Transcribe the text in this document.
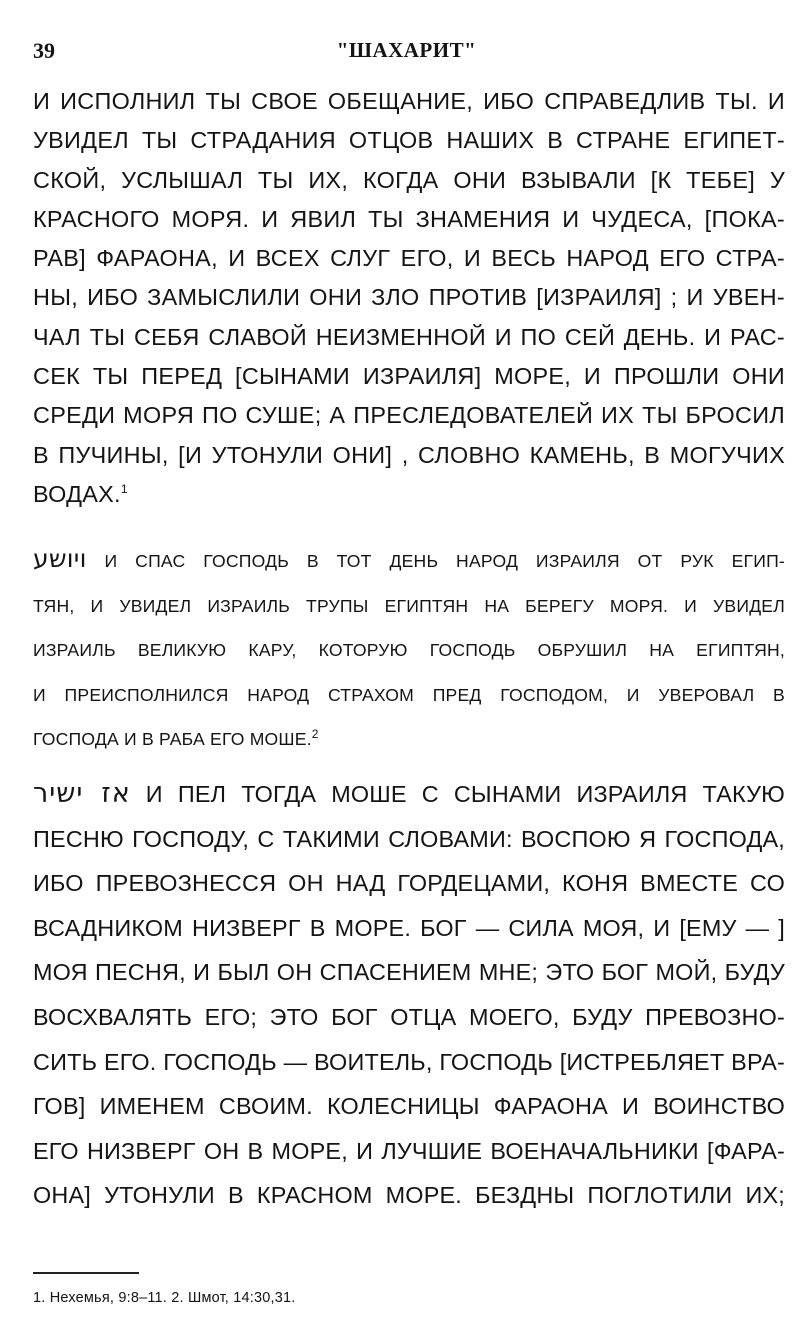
39	"ШАХАРИТ"
И ИСПОЛНИЛ ТЫ СВОЕ ОБЕЩАНИЕ, ИБО СПРАВЕДЛИВ ТЫ. И
УВИДЕЛ ТЫ СТРАДАНИЯ ОТЦОВ НАШИХ В СТРАНЕ ЕГИПЕТ-
СКОЙ, УСЛЫШАЛ ТЫ ИХ, КОГДА ОНИ ВЗЫВАЛИ [К ТЕБЕ] У
КРАСНОГО МОРЯ. И ЯВИЛ ТЫ ЗНАМЕНИЯ И ЧУДЕСА, [ПОКА-
РАВ] ФАРАОНА, И ВСЕХ СЛУГ ЕГО, И ВЕСЬ НАРОД ЕГО СТРА-
НЫ, ИБО ЗАМЫСЛИЛИ ОНИ ЗЛО ПРОТИВ [ИЗРАИЛЯ] ; И УВЕН-
ЧАЛ ТЫ СЕБЯ СЛАВОЙ НЕИЗМЕННОЙ И ПО СЕЙ ДЕНЬ. И РАС-
СЕК ТЫ ПЕРЕД [СЫНАМИ ИЗРАИЛЯ] МОРЕ, И ПРОШЛИ ОНИ
СРЕДИ МОРЯ ПО СУШЕ; А ПРЕСЛЕДОВАТЕЛЕЙ ИХ ТЫ БРОСИЛ
В ПУЧИНЫ, [И УТОНУЛИ ОНИ] , СЛОВНО КАМЕНЬ, В МОГУЧИХ
ВОДАХ.$^1$
ויושע И СПАС ГОСПОДЬ В ТОТ ДЕНЬ НАРОД ИЗРАИЛЯ ОТ РУК ЕГИП-
ТЯН, И УВИДЕЛ ИЗРАИЛЬ ТРУПЫ ЕГИПТЯН НА БЕРЕГУ МОРЯ. И УВИДЕЛ
ИЗРАИЛЬ ВЕЛИКУЮ КАРУ, КОТОРУЮ ГОСПОДЬ ОБРУШИЛ НА ЕГИПТЯН,
И ПРЕИСПОЛНИЛСЯ НАРОД СТРАХОМ ПРЕД ГОСПОДОМ, И УВЕРОВАЛ В
ГОСПОДА И В РАБА ЕГО МОШЕ.$^2$
אז ישיר И ПЕЛ ТОГДА МОШЕ С СЫНАМИ ИЗРАИЛЯ ТАКУЮ
ПЕСНЮ ГОСПОДУ, С ТАКИМИ СЛОВАМИ: ВОСПОЮ Я ГОСПОДА,
ИБО ПРЕВОЗНЕССЯ ОН НАД ГОРДЕЦАМИ, КОНЯ ВМЕСТЕ СО
ВСАДНИКОМ НИЗВЕРГ В МОРЕ. БОГ — СИЛА МОЯ, И [ЕМУ — ]
МОЯ ПЕСНЯ, И БЫЛ ОН СПАСЕНИЕМ МНЕ; ЭТО БОГ МОЙ, БУДУ
ВОСХВАЛЯТЬ ЕГО; ЭТО БОГ ОТЦА МОЕГО, БУДУ ПРЕВОЗНО-
СИТЬ ЕГО. ГОСПОДЬ — ВОИТЕЛЬ, ГОСПОДЬ [ИСТРЕБЛЯЕТ ВРА-
ГОВ] ИМЕНЕМ СВОИМ. КОЛЕСНИЦЫ ФАРАОНА И ВОИНСТВО
ЕГО НИЗВЕРГ ОН В МОРЕ, И ЛУЧШИЕ ВОЕНАЧАЛЬНИКИ [ФАРА-
ОНА] УТОНУЛИ В КРАСНОМ МОРЕ. БЕЗДНЫ ПОГЛОТИЛИ ИХ;
1. Нехемья, 9:8–11. 2. Шмот, 14:30,31.
